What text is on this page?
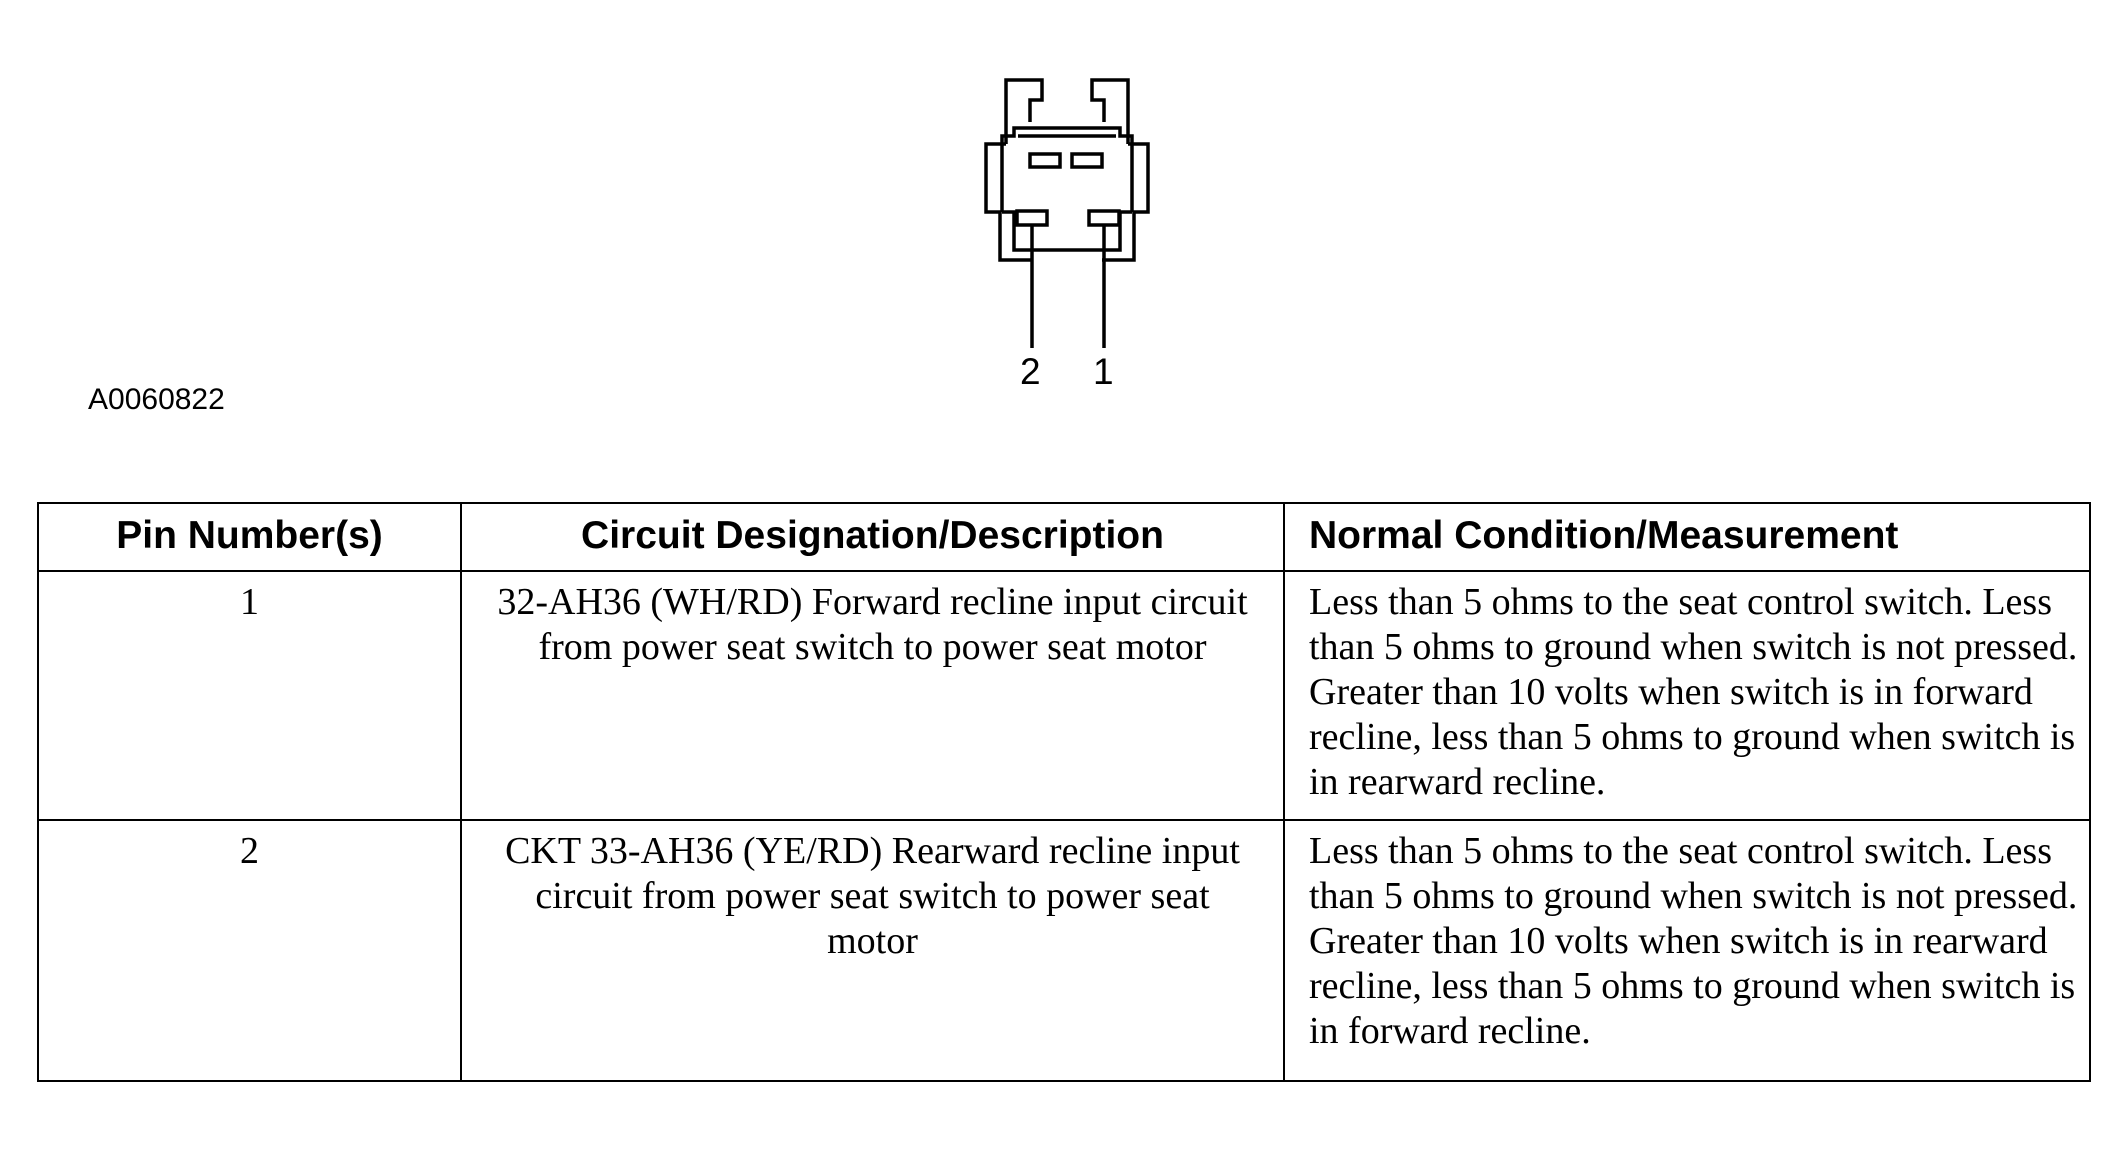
2 1
A0060822
Pin Number(s)	Circuit Designation/Description	Normal Condition/Measurement
1	32-AH36 (WH/RD) Forward recline input circuit from power seat switch to power seat motor	Less than 5 ohms to the seat control switch. Less than 5 ohms to ground when switch is not pressed. Greater than 10 volts when switch is in forward recline, less than 5 ohms to ground when switch is in rearward recline.
2	CKT 33-AH36 (YE/RD) Rearward recline input circuit from power seat switch to power seat motor	Less than 5 ohms to the seat control switch. Less than 5 ohms to ground when switch is not pressed. Greater than 10 volts when switch is in rearward recline, less than 5 ohms to ground when switch is in forward recline.
